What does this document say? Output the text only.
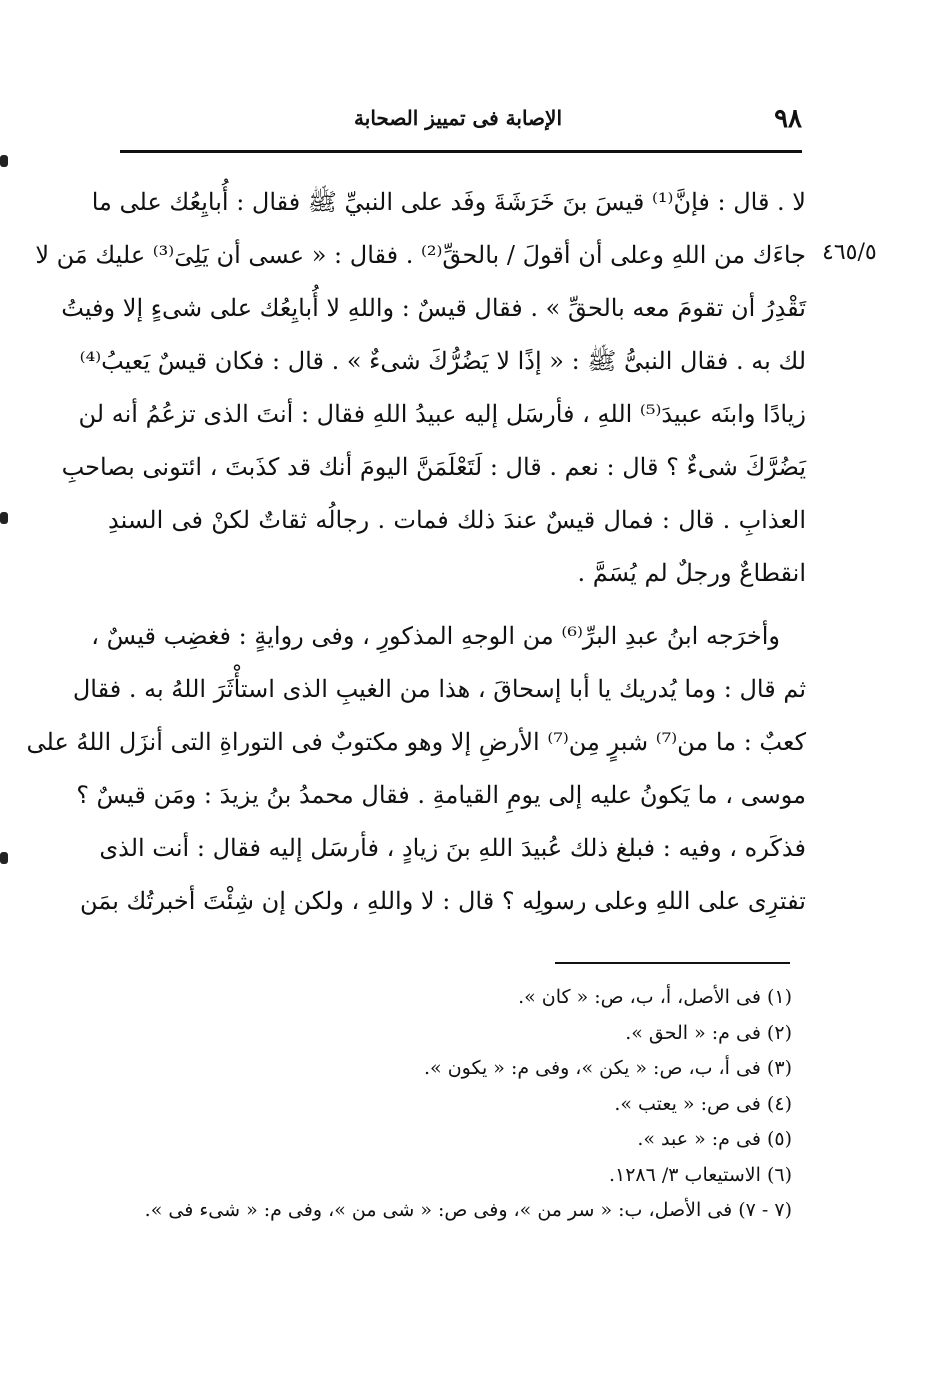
٩٨
الإصابة فى تمييز الصحابة
٤٦٥/٥
لا . قال : فإنَّ⁽¹⁾ قيسَ بنَ خَرَشَةَ وفَد على النبيِّ ﷺ فقال : أُبايِعُك على ما
جاءَك من اللهِ وعلى أن أقولَ / بالحقِّ⁽²⁾ . فقال : « عسى أن يَلِىَ⁽³⁾ عليك مَن لا
تَقْدِرُ أن تقومَ معه بالحقِّ » . فقال قيسٌ : واللهِ لا أُبايِعُك على شىءٍ إلا وفيتُ
لك به . فقال النبىُّ ﷺ : « إذًا لا يَضُرُّكَ شىءٌ » . قال : فكان قيسٌ يَعيبُ⁽⁴⁾
زيادًا وابنَه عبيدَ⁽⁵⁾ اللهِ ، فأرسَل إليه عبيدُ اللهِ فقال : أنتَ الذى تزعُمُ أنه لن
يَضُرَّكَ شىءٌ ؟ قال : نعم . قال : لَتَعْلَمَنَّ اليومَ أنك قد كذَبتَ ، ائتونى بصاحبِ
العذابِ . قال : فمال قيسٌ عندَ ذلك فمات . رجالُه ثقاتٌ لكنْ فى السندِ
انقطاعٌ ورجلٌ لم يُسَمَّ .
وأخرَجه ابنُ عبدِ البرِّ⁽⁶⁾ من الوجهِ المذكورِ ، وفى روايةٍ : فغضِب قيسٌ ،
ثم قال : وما يُدريك يا أبا إسحاقَ ، هذا من الغيبِ الذى استأْثَرَ اللهُ به . فقال
كعبٌ : ما من⁽⁷⁾ شبرٍ مِن⁽⁷⁾ الأرضِ إلا وهو مكتوبٌ فى التوراةِ التى أنزَل اللهُ على
موسى ، ما يَكونُ عليه إلى يومِ القيامةِ . فقال محمدُ بنُ يزيدَ : ومَن قيسٌ ؟
فذكَره ، وفيه : فبلغ ذلك عُبيدَ اللهِ بنَ زيادٍ ، فأرسَل إليه فقال : أنت الذى
تفترِى على اللهِ وعلى رسولِه ؟ قال : لا واللهِ ، ولكن إن شِئْتَ أخبرتُك بمَن
(١) فى الأصل، أ، ب، ص: « كان ».
(٢) فى م: « الحق ».
(٣) فى أ، ب، ص: « يكن »، وفى م: « يكون ».
(٤) فى ص: « يعتب ».
(٥) فى م: « عبد ».
(٦) الاستيعاب ٣/ ١٢٨٦.
(٧ - ٧) فى الأصل، ب: « سر من »، وفى ص: « شى من »، وفى م: « شىء فى ».
